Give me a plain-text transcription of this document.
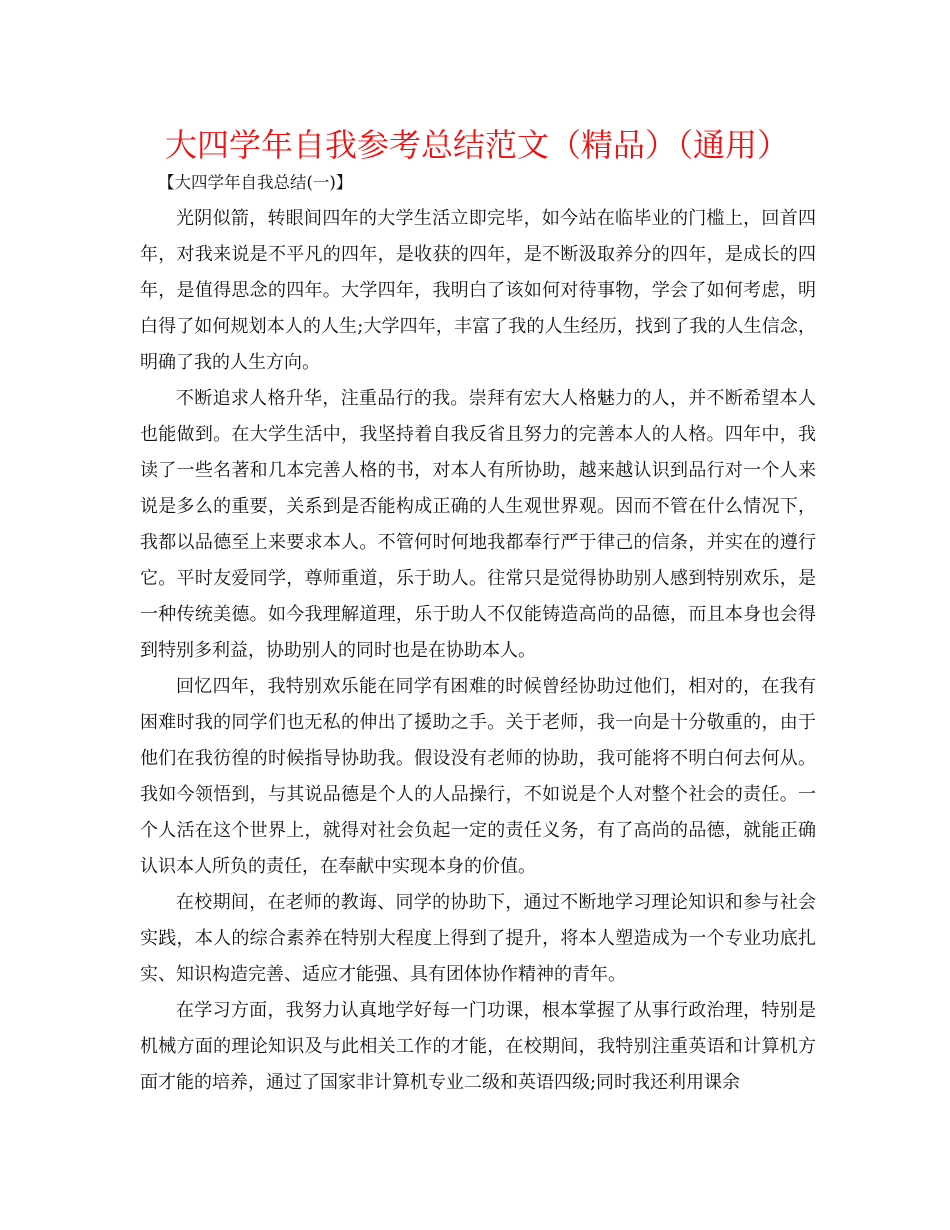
大四学年自我参考总结范文（精品）（通用）
【大四学年自我总结(一)】

光阴似箭，转眼间四年的大学生活立即完毕，如今站在临毕业的门槛上，回首四年，对我来说是不平凡的四年，是收获的四年，是不断汲取养分的四年，是成长的四年，是值得思念的四年。大学四年，我明白了该如何对待事物，学会了如何考虑，明白得了如何规划本人的人生;大学四年，丰富了我的人生经历，找到了我的人生信念，明确了我的人生方向。

不断追求人格升华，注重品行的我。崇拜有宏大人格魅力的人，并不断希望本人也能做到。在大学生活中，我坚持着自我反省且努力的完善本人的人格。四年中，我读了一些名著和几本完善人格的书，对本人有所协助，越来越认识到品行对一个人来说是多么的重要，关系到是否能构成正确的人生观世界观。因而不管在什么情况下，我都以品德至上来要求本人。不管何时何地我都奉行严于律己的信条，并实在的遵行它。平时友爱同学，尊师重道，乐于助人。往常只是觉得协助别人感到特别欢乐，是一种传统美德。如今我理解道理，乐于助人不仅能铸造高尚的品德，而且本身也会得到特别多利益，协助别人的同时也是在协助本人。

回忆四年，我特别欢乐能在同学有困难的时候曾经协助过他们，相对的，在我有困难时我的同学们也无私的伸出了援助之手。关于老师，我一向是十分敬重的，由于他们在我彷徨的时候指导协助我。假设没有老师的协助，我可能将不明白何去何从。我如今领悟到，与其说品德是个人的人品操行，不如说是个人对整个社会的责任。一个人活在这个世界上，就得对社会负起一定的责任义务，有了高尚的品德，就能正确认识本人所负的责任，在奉献中实现本身的价值。

在校期间，在老师的教诲、同学的协助下，通过不断地学习理论知识和参与社会实践，本人的综合素养在特别大程度上得到了提升，将本人塑造成为一个专业功底扎实、知识构造完善、适应才能强、具有团体协作精神的青年。

在学习方面，我努力认真地学好每一门功课，根本掌握了从事行政治理，特别是机械方面的理论知识及与此相关工作的才能，在校期间，我特别注重英语和计算机方面才能的培养，通过了国家非计算机专业二级和英语四级;同时我还利用课余
